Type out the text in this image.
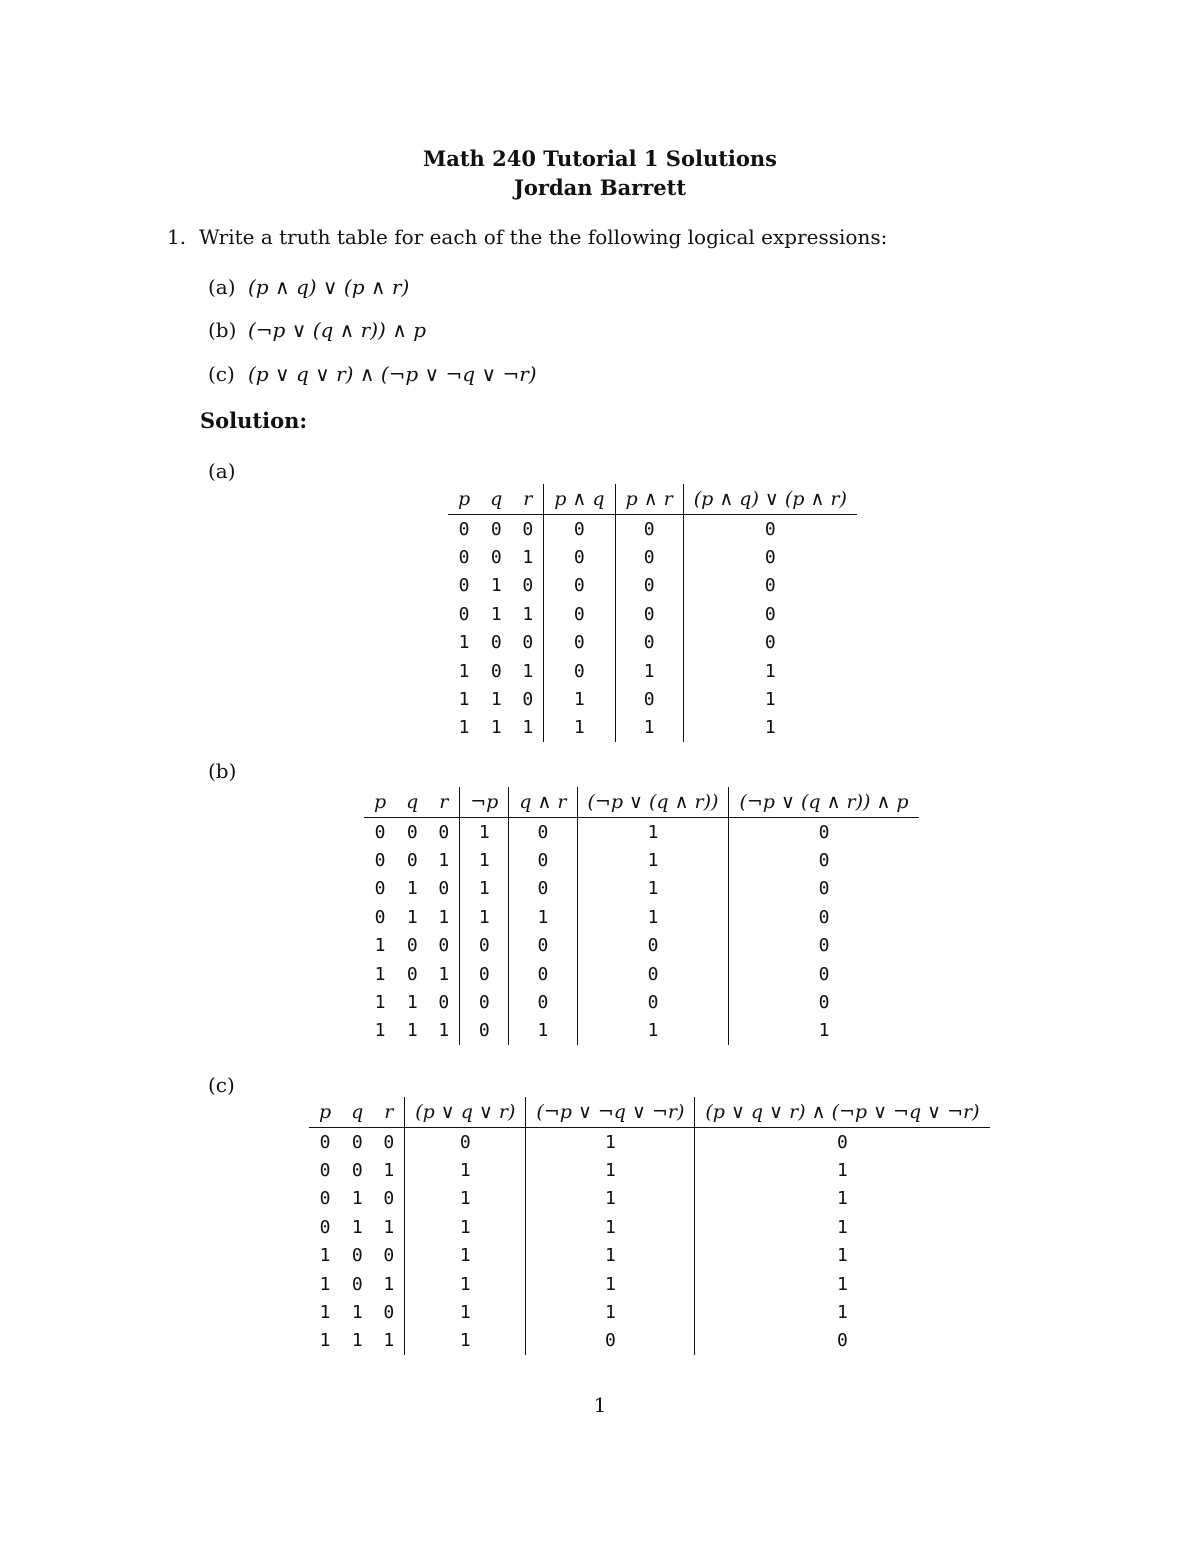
Math 240 Tutorial 1 Solutions
Jordan Barrett
1. Write a truth table for each of the the following logical expressions:
(a) (p ∧ q) ∨ (p ∧ r)
(b) (¬p ∨ (q ∧ r)) ∧ p
(c) (p ∨ q ∨ r) ∧ (¬p ∨ ¬q ∨ ¬r)
Solution:
(a)
p	q	r	p ∧ q	p ∧ r	(p ∧ q) ∨ (p ∧ r)
0	0	0	0	0	0
0	0	1	0	0	0
0	1	0	0	0	0
0	1	1	0	0	0
1	0	0	0	0	0
1	0	1	0	1	1
1	1	0	1	0	1
1	1	1	1	1	1
(b)
p	q	r	¬p	q ∧ r	(¬p ∨ (q ∧ r))	(¬p ∨ (q ∧ r)) ∧ p
0	0	0	1	0	1	0
0	0	1	1	0	1	0
0	1	0	1	0	1	0
0	1	1	1	1	1	0
1	0	0	0	0	0	0
1	0	1	0	0	0	0
1	1	0	0	0	0	0
1	1	1	0	1	1	1
(c)
p	q	r	(p ∨ q ∨ r)	(¬p ∨ ¬q ∨ ¬r)	(p ∨ q ∨ r) ∧ (¬p ∨ ¬q ∨ ¬r)
0	0	0	0	1	0
0	0	1	1	1	1
0	1	0	1	1	1
0	1	1	1	1	1
1	0	0	1	1	1
1	0	1	1	1	1
1	1	0	1	1	1
1	1	1	1	0	0
1
